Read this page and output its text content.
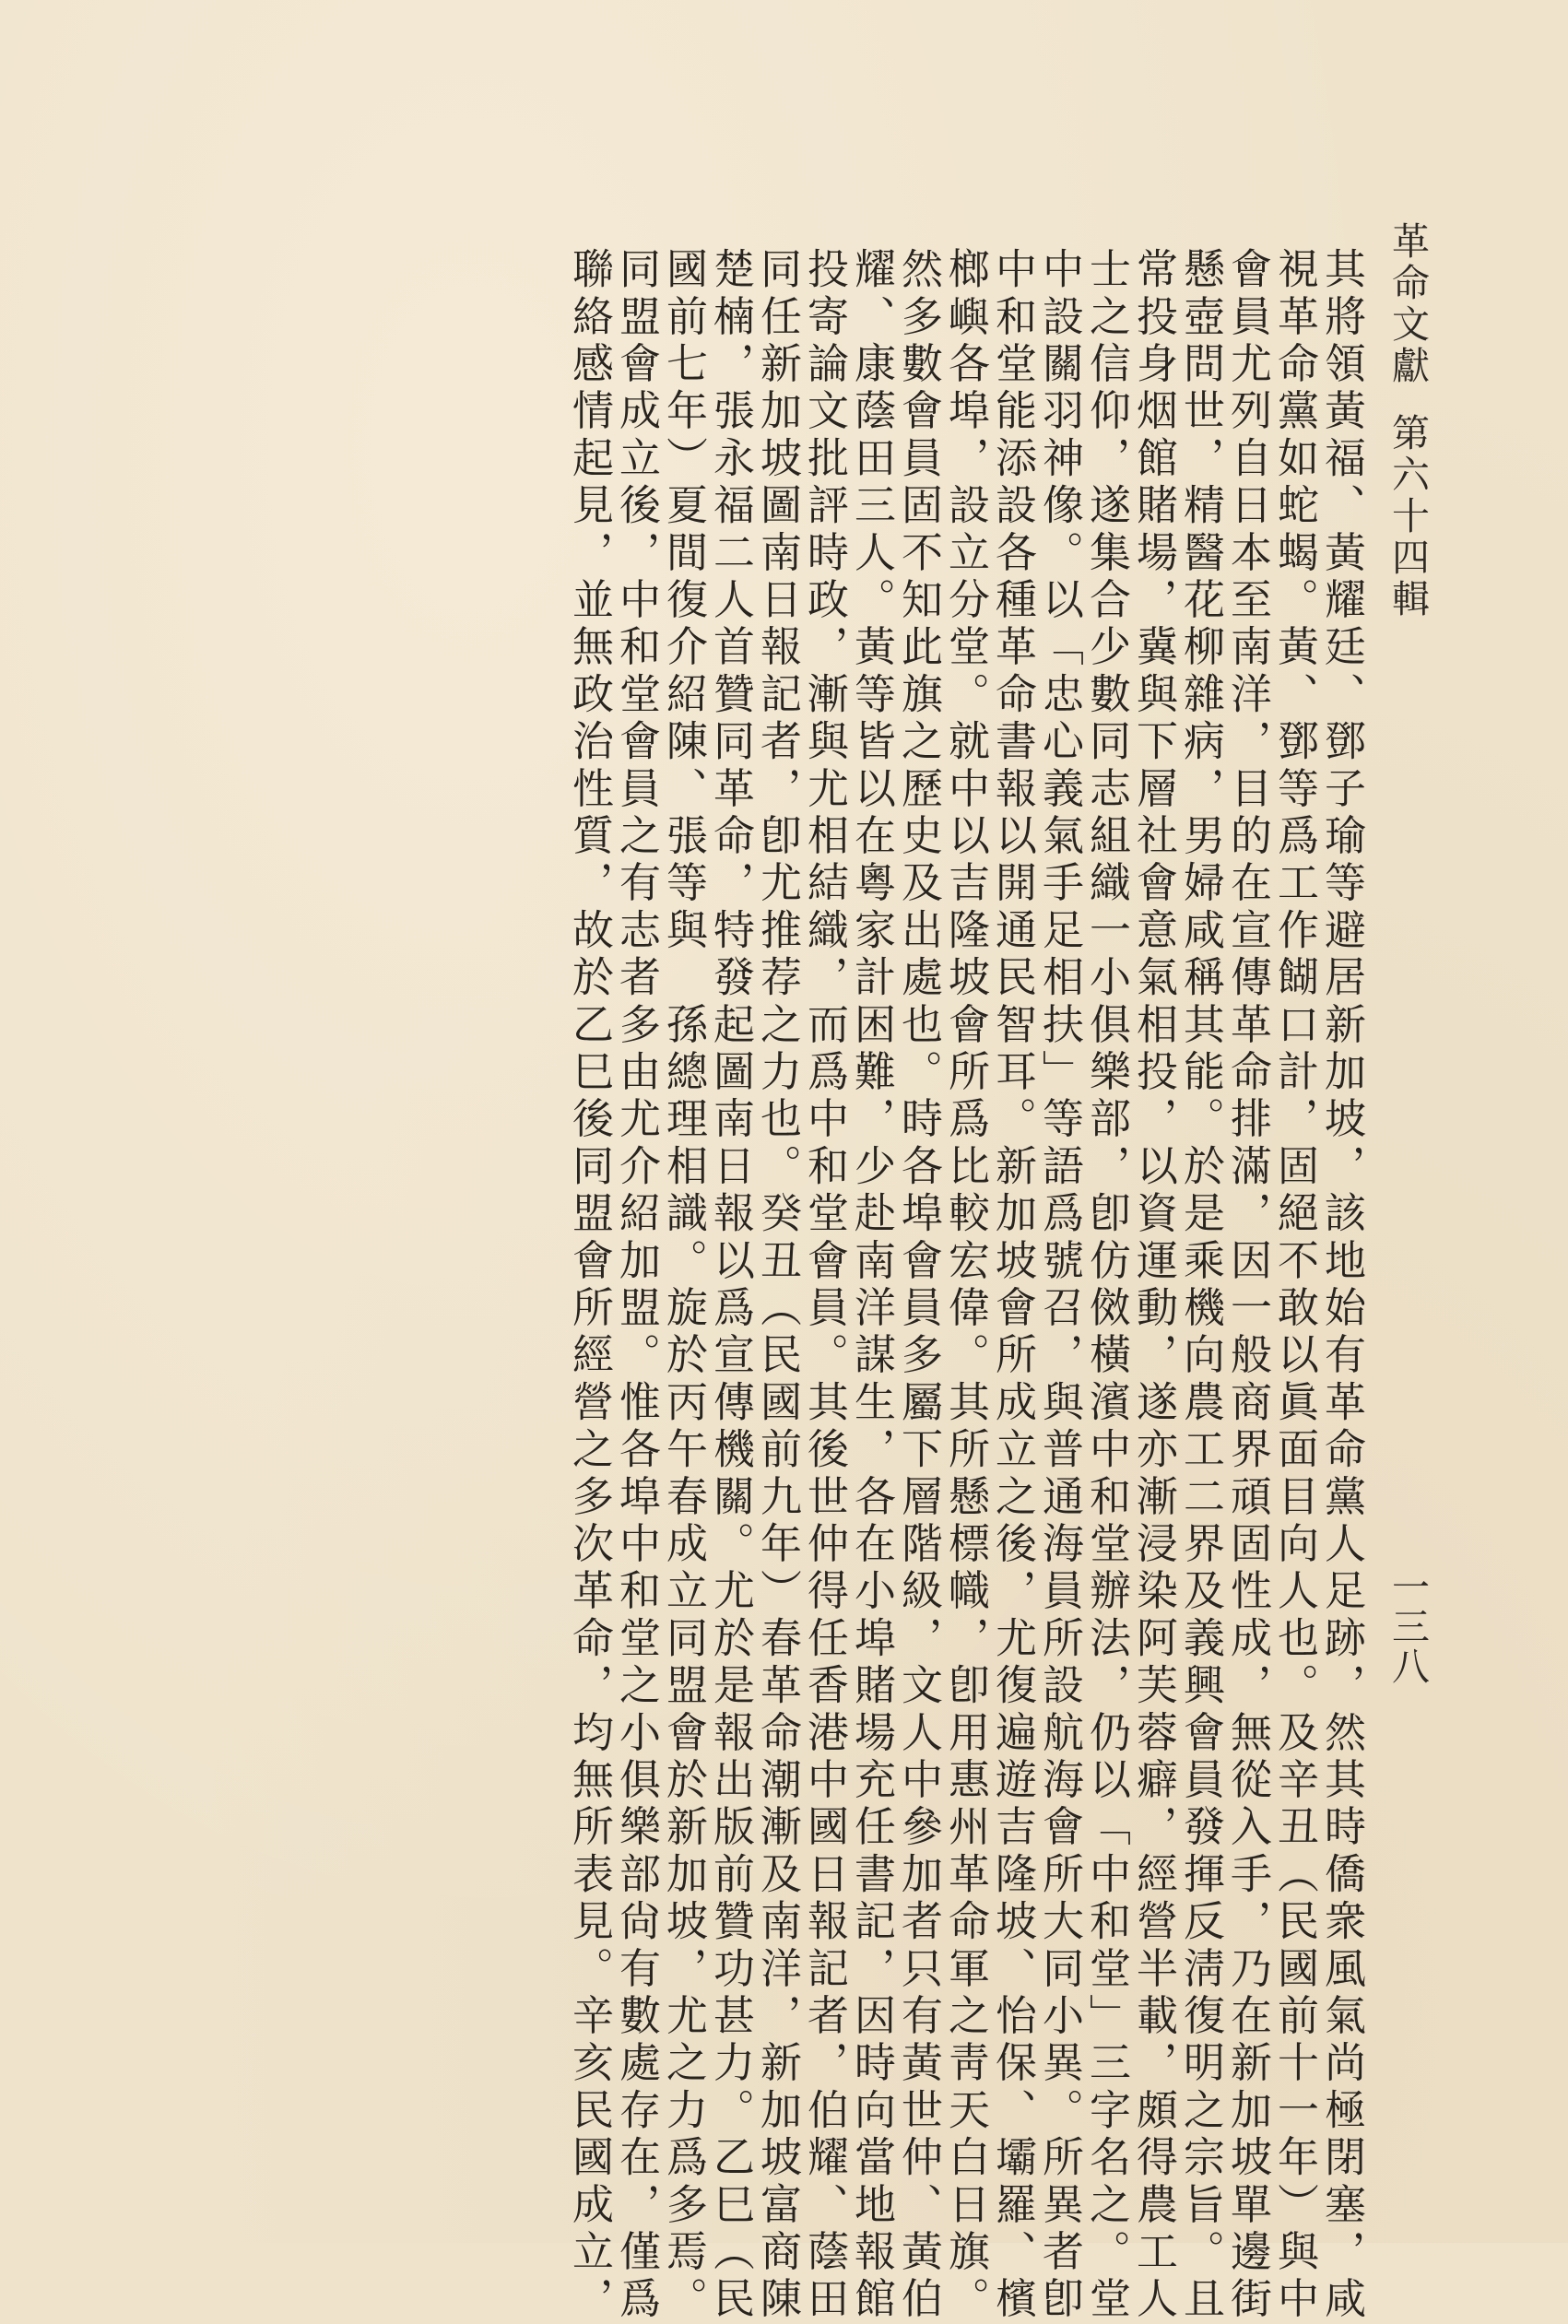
革命文獻第六十四輯
一三八
其將領黃福、黃耀廷、鄧子瑜等避居新加坡，該地始有革命黨人足跡，然其時僑衆風氣尚極閉塞，咸
視革命黨如蛇蝎。黃、鄧等爲工作餬口計，固絕不敢以眞面目向人也。及辛丑（民國前十一年）與中
會員尤列自日本至南洋，目的在宣傳革命排滿，因一般商界頑固性成，無從入手，乃在新加坡單邊街
懸壺問世，精醫花柳雜病，男婦咸稱其能。於是乘機向農工二界及義興會員發揮反淸復明之宗旨。且
常投身烟館賭場，冀與下層社會意氣相投，以資運動，遂亦漸浸染阿芙蓉癖，經營半載，頗得農工人
士之信仰，遂集合少數同志組織一小俱樂部，卽仿傚橫濱中和堂辦法，仍以「中和堂」三字名之。堂
中設關羽神像。以「忠心義氣手足相扶」等語爲號召，與普通海員所設航海會所大同小異。所異者卽
中和堂能添設各種革命書報以開通民智耳。新加坡會所成立之後，尤復遍遊吉隆坡、怡保、壩羅、檳
榔嶼各埠，設立分堂。就中以吉隆坡會所爲比較宏偉。其所懸標幟，卽用惠州革命軍之靑天白日旗。
然多數會員固不知此旗之歷史及出處也。時各埠會員多屬下層階級，文人中參加者只有黃世仲、黃伯
耀、康蔭田三人。黃等皆以在粵家計困難，少赴南洋謀生，各在小埠賭場充任書記，因時向當地報館
投寄論文批評時政，漸與尤相結織，而爲中和堂會員。其後世仲得任香港中國日報記者，伯耀、蔭田
同任新加坡圖南日報記者，卽尤推荐之力也。癸丑（民國前九年）春革命潮漸及南洋，新加坡富商陳
楚楠，張永福二人首贊同革命，特發起圖南日報以爲宣傳機關。尤於是報出版前贊功甚力。乙巳（民
國前七年）夏間復介紹陳、張等與　孫總理相識。旋於丙午春成立同盟會於新加坡，尤之力爲多焉。
同盟會成立後，中和堂會員之有志者多由尤介紹加盟。惟各埠中和堂之小俱樂部尙有數處存在，僅爲
聯絡感情起見，並無政治性質，故於乙巳後同盟會所經營之多次革命，均無所表見。辛亥民國成立，
